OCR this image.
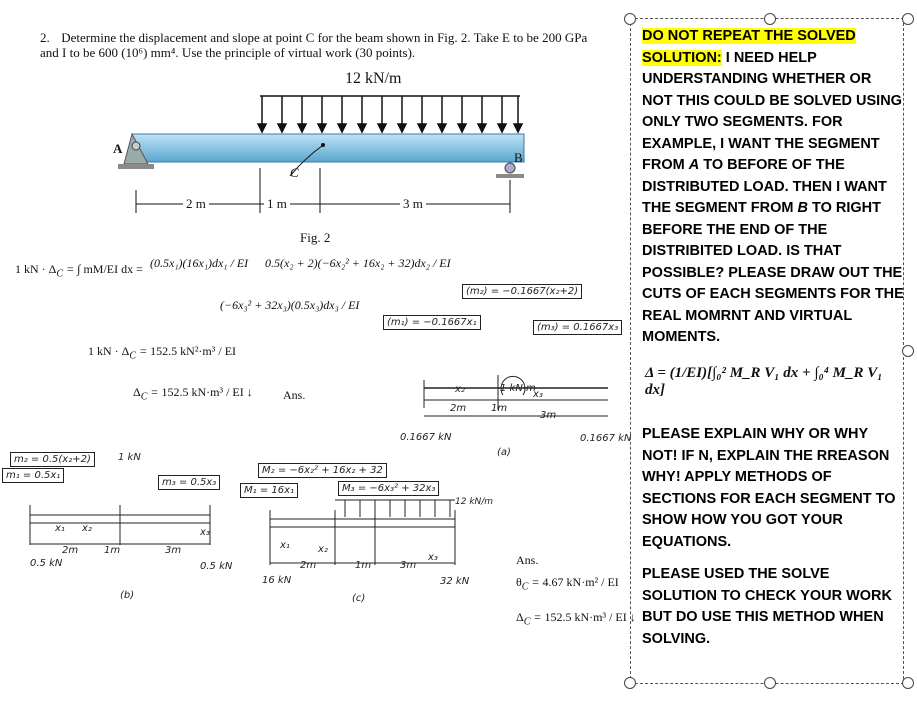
2. Determine the displacement and slope at point C for the beam shown in Fig. 2. Take E to be 200 GPa and I to be 600 (10⁶) mm⁴. Use the principle of virtual work (30 points).
12 kN/m
A
B
C
2 m	1 m	3 m
Fig. 2
1 kN · $\Delta_C$ = ∫ mM/EI dx = (0.5x₁)(16x₁)dx₁ / EI	0.5(x₂ + 2)(−6x₂² + 16x₂ + 32)dx₂ / EI
(−6x₃² + 32x₃)(0.5x₃)dx₃ / EI
1 kN · $\Delta_C = 152.5$ kN²·m³ / EI
$\Delta_C = 152.5$ kN·m³ / EI ↓	Ans.
(m₂) = −0.1667(x₂+2)
(m₁) = −0.1667x₁	(m₃) = 0.1667x₃
x₂	x₃
1 kN·m
2m 1m
3m
0.1667 kN	0.1667 kN
(a)
m₂ = 0.5(x₂+2)	1 kN
m₁ = 0.5x₁
m₃ = 0.5x₃
x₁ x₂	x₃
2m	1m	3m
0.5 kN	0.5 kN
(b)
M₂ = −6x₂² + 16x₂ + 32
M₁ = 16x₁	M₃ = −6x₃² + 32x₃
12 kN/m
x₁	x₂
x₃
2m	1m	3m
16 kN	32 kN
(c)
Ans.
$\theta_C = 4.67$ kN·m² / EI
$\Delta_C = 152.5$ kN·m³ / EI ↓
DO NOT REPEAT THE SOLVED
SOLUTION: I NEED HELP UNDERSTANDING WHETHER OR NOT THIS COULD BE SOLVED USING ONLY TWO SEGMENTS. FOR EXAMPLE, I WANT THE SEGMENT FROM A TO BEFORE OF THE DISTRIBUTED LOAD. THEN I WANT THE SEGMENT FROM B TO RIGHT BEFORE THE END OF THE DISTRIBITED LOAD. IS THAT POSSIBLE? PLEASE DRAW OUT THE CUTS OF EACH SEGMENTS FOR THE REAL MOMRNT AND VIRTUAL MOMENTS.
Δ = (1/EI)[∫₀² M_R V₁ dx + ∫₀⁴ M_R V₁ dx]
PLEASE EXPLAIN WHY OR WHY NOT! IF N, EXPLAIN THE RREASON WHY! APPLY METHODS OF SECTIONS FOR EACH SEGMENT TO SHOW HOW YOU GOT YOUR EQUATIONS.
PLEASE USED THE SOLVE SOLUTION TO CHECK YOUR WORK BUT DO USE THIS METHOD WHEN SOLVING.
